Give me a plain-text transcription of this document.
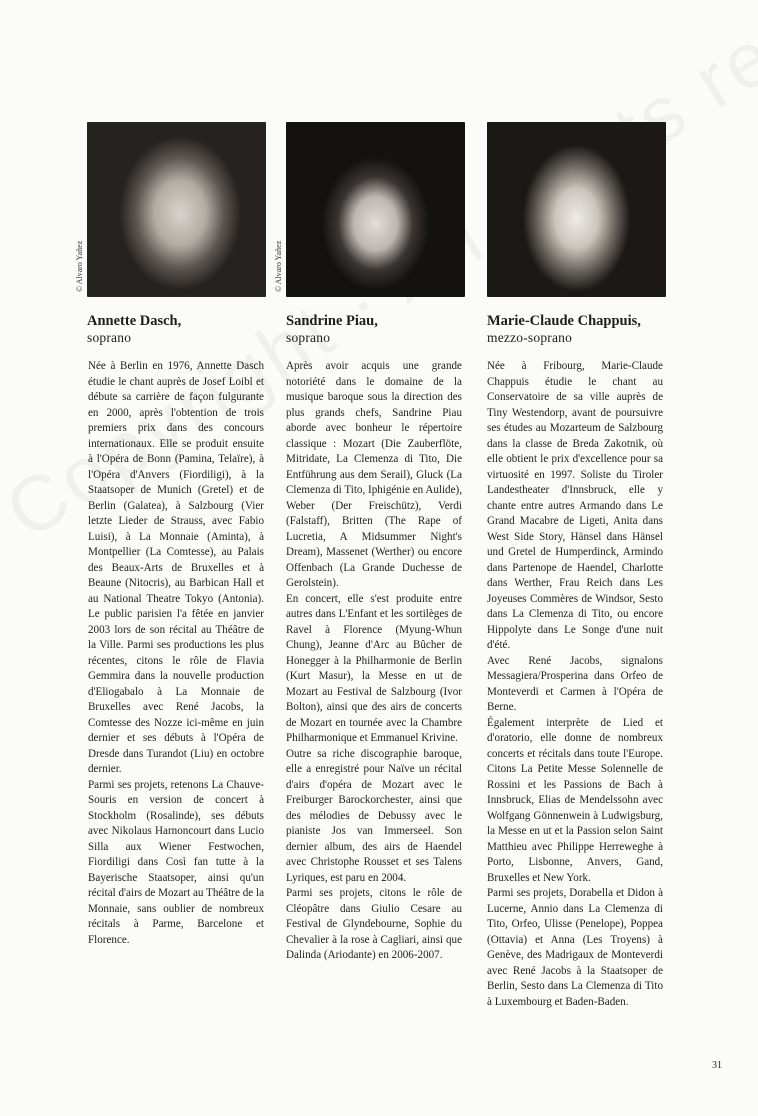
© Alvaro Yañez
Annette Dasch,
soprano

Née à Berlin en 1976, Annette Dasch étudie le chant auprès de Josef Loibl et débute sa carrière de façon fulgurante en 2000, après l'obtention de trois premiers prix dans des concours internationaux. Elle se produit ensuite à l'Opéra de Bonn (Pamina, Telaïre), à l'Opéra d'Anvers (Fiordiligi), à la Staatsoper de Munich (Gretel) et de Berlin (Galatea), à Salzbourg (Vier letzte Lieder de Strauss, avec Fabio Luisi), à La Monnaie (Aminta), à Montpellier (La Comtesse), au Palais des Beaux-Arts de Bruxelles et à Beaune (Nitocris), au Barbican Hall et au National Theatre Tokyo (Antonia). Le public parisien l'a fêtée en janvier 2003 lors de son récital au Théâtre de la Ville. Parmi ses productions les plus récentes, citons le rôle de Flavia Gemmira dans la nouvelle production d'Eliogabalo à La Monnaie de Bruxelles avec René Jacobs, la Comtesse des Nozze ici-même en juin dernier et ses débuts à l'Opéra de Dresde dans Turandot (Liu) en octobre dernier.

Parmi ses projets, retenons La Chauve-Souris en version de concert à Stockholm (Rosalinde), ses débuts avec Nikolaus Harnoncourt dans Lucio Silla aux Wiener Festwochen, Fiordiligi dans Così fan tutte à la Bayerische Staatsoper, ainsi qu'un récital d'airs de Mozart au Théâtre de la Monnaie, sans oublier de nombreux récitals à Parme, Barcelone et Florence.

© Alvaro Yañez
Sandrine Piau,
soprano

Après avoir acquis une grande notoriété dans le domaine de la musique baroque sous la direction des plus grands chefs, Sandrine Piau aborde avec bonheur le répertoire classique : Mozart (Die Zauberflöte, Mitridate, La Clemenza di Tito, Die Entführung aus dem Serail), Gluck (La Clemenza di Tito, Iphigénie en Aulide), Weber (Der Freischütz), Verdi (Falstaff), Britten (The Rape of Lucretia, A Midsummer Night's Dream), Massenet (Werther) ou encore Offenbach (La Grande Duchesse de Gerolstein).

En concert, elle s'est produite entre autres dans L'Enfant et les sortilèges de Ravel à Florence (Myung-Whun Chung), Jeanne d'Arc au Bûcher de Honegger à la Philharmonie de Berlin (Kurt Masur), la Messe en ut de Mozart au Festival de Salzbourg (Ivor Bolton), ainsi que des airs de concerts de Mozart en tournée avec la Chambre Philharmonique et Emmanuel Krivine.

Outre sa riche discographie baroque, elle a enregistré pour Naïve un récital d'airs d'opéra de Mozart avec le Freiburger Barockorchester, ainsi que des mélodies de Debussy avec le pianiste Jos van Immerseel. Son dernier album, des airs de Haendel avec Christophe Rousset et ses Talens Lyriques, est paru en 2004.

Parmi ses projets, citons le rôle de Cléopâtre dans Giulio Cesare au Festival de Glyndebourne, Sophie du Chevalier à la rose à Cagliari, ainsi que Dalinda (Ariodante) en 2006-2007.

Marie-Claude Chappuis,
mezzo-soprano

Née à Fribourg, Marie-Claude Chappuis étudie le chant au Conservatoire de sa ville auprès de Tiny Westendorp, avant de poursuivre ses études au Mozarteum de Salzbourg dans la classe de Breda Zakotnik, où elle obtient le prix d'excellence pour sa virtuosité en 1997. Soliste du Tiroler Landestheater d'Innsbruck, elle y chante entre autres Armando dans Le Grand Macabre de Ligeti, Anita dans West Side Story, Hänsel dans Hänsel und Gretel de Humperdinck, Armindo dans Partenope de Haendel, Charlotte dans Werther, Frau Reich dans Les Joyeuses Commères de Windsor, Sesto dans La Clemenza di Tito, ou encore Hippolyte dans Le Songe d'une nuit d'été.

Avec René Jacobs, signalons Messagiera/Prosperina dans Orfeo de Monteverdi et Carmen à l'Opéra de Berne.

Également interprète de Lied et d'oratorio, elle donne de nombreux concerts et récitals dans toute l'Europe. Citons La Petite Messe Solennelle de Rossini et les Passions de Bach à Innsbruck, Elias de Mendelssohn avec Wolfgang Gönnenwein à Ludwigsburg, la Messe en ut et la Passion selon Saint Matthieu avec Philippe Herreweghe à Porto, Lisbonne, Anvers, Gand, Bruxelles et New York.

Parmi ses projets, Dorabella et Didon à Lucerne, Annio dans La Clemenza di Tito, Orfeo, Ulisse (Penelope), Poppea (Ottavia) et Anna (Les Troyens) à Genève, des Madrigaux de Monteverdi avec René Jacobs à la Staatsoper de Berlin, Sesto dans La Clemenza di Tito à Luxembourg et Baden-Baden.

31
